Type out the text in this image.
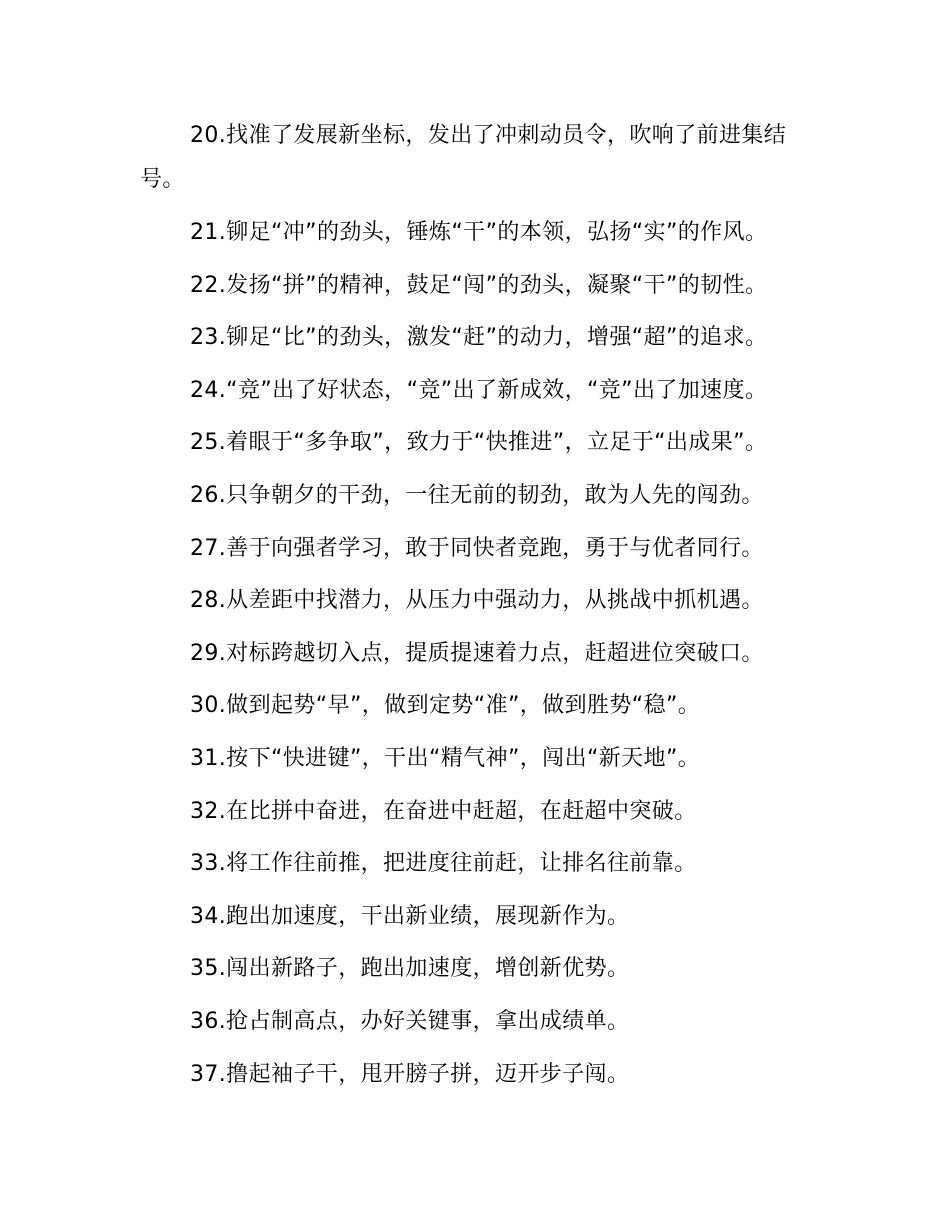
20.找准了发展新坐标，发出了冲刺动员令，吹响了前进集结号。

21.铆足“冲”的劲头，锤炼“干”的本领，弘扬“实”的作风。

22.发扬“拼”的精神，鼓足“闯”的劲头，凝聚“干”的韧性。

23.铆足“比”的劲头，激发“赶”的动力，增强“超”的追求。

24.“竞”出了好状态，“竞”出了新成效，“竞”出了加速度。

25.着眼于“多争取”，致力于“快推进”，立足于“出成果”。

26.只争朝夕的干劲，一往无前的韧劲，敢为人先的闯劲。

27.善于向强者学习，敢于同快者竞跑，勇于与优者同行。

28.从差距中找潜力，从压力中强动力，从挑战中抓机遇。

29.对标跨越切入点，提质提速着力点，赶超进位突破口。

30.做到起势“早”，做到定势“准”，做到胜势“稳”。

31.按下“快进键”，干出“精气神”，闯出“新天地”。

32.在比拼中奋进，在奋进中赶超，在赶超中突破。

33.将工作往前推，把进度往前赶，让排名往前靠。

34.跑出加速度，干出新业绩，展现新作为。

35.闯出新路子，跑出加速度，增创新优势。

36.抢占制高点，办好关键事，拿出成绩单。

37.撸起袖子干，甩开膀子拼，迈开步子闯。
